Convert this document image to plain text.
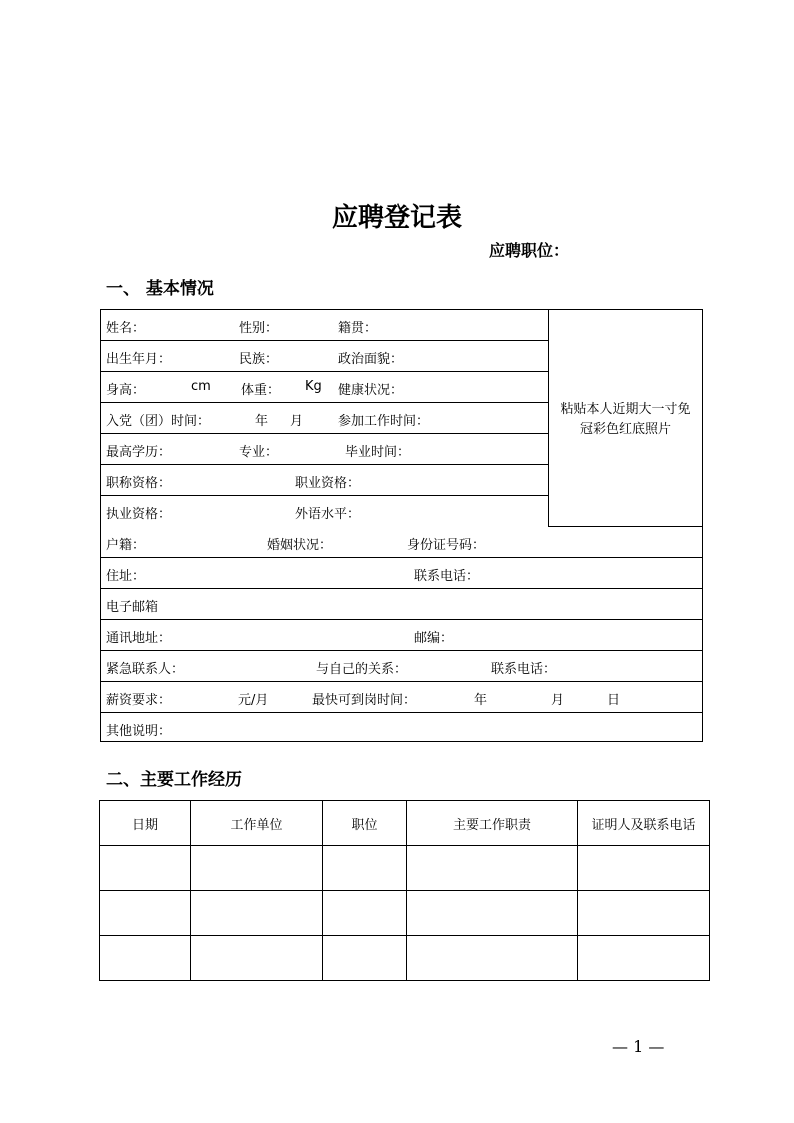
应聘登记表
应聘职位：
一、 基本情况
姓名：	性别：	籍贯：
出生年月：	民族：	政治面貌：
身高：	cm 体重： Kg 健康状况：
入党（团）时间：	年 月	参加工作时间：
最高学历：	专业：	毕业时间：
职称资格：	职业资格：
执业资格：	外语水平：
粘贴本人近期大一寸免冠彩色红底照片
户籍：	婚姻状况：	身份证号码：
住址：	联系电话：
电子邮箱
通讯地址：	邮编：
紧急联系人：	与自己的关系：	联系电话：
薪资要求：	元/月	最快可到岗时间：	年	月	日
其他说明：
二、主要工作经历
日期	工作单位	职位	主要工作职责	证明人及联系电话

— 1 —
